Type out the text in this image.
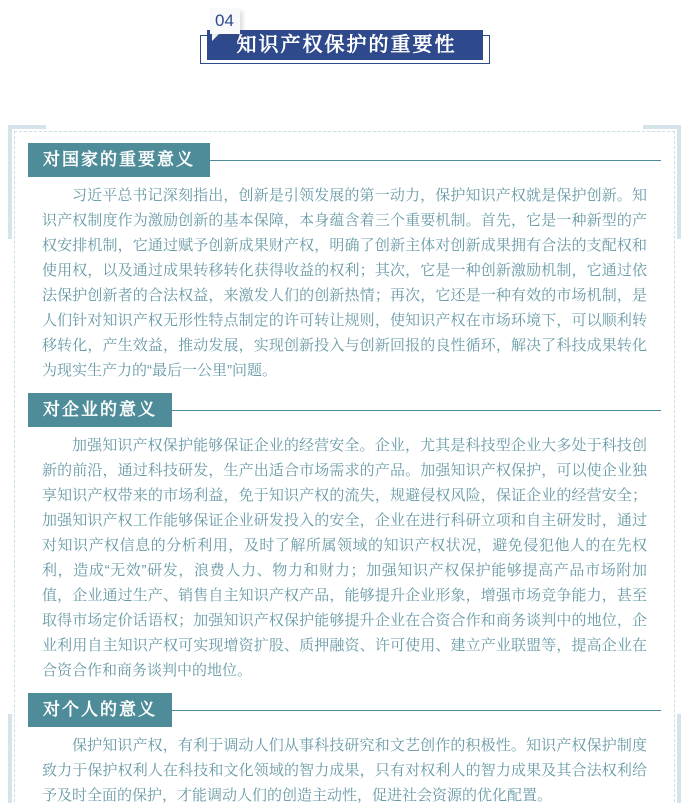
04
知识产权保护的重要性
对国家的重要意义

习近平总书记深刻指出，创新是引领发展的第一动力，保护知识产权就是保护创新。知识产权制度作为激励创新的基本保障，本身蕴含着三个重要机制。首先，它是一种新型的产权安排机制，它通过赋予创新成果财产权，明确了创新主体对创新成果拥有合法的支配权和使用权，以及通过成果转移转化获得收益的权利；其次，它是一种创新激励机制，它通过依法保护创新者的合法权益，来激发人们的创新热情；再次，它还是一种有效的市场机制，是人们针对知识产权无形性特点制定的许可转让规则，使知识产权在市场环境下，可以顺利转移转化，产生效益，推动发展，实现创新投入与创新回报的良性循环，解决了科技成果转化为现实生产力的“最后一公里”问题。

对企业的意义

加强知识产权保护能够保证企业的经营安全。企业，尤其是科技型企业大多处于科技创新的前沿，通过科技研发，生产出适合市场需求的产品。加强知识产权保护，可以使企业独享知识产权带来的市场利益，免于知识产权的流失，规避侵权风险，保证企业的经营安全；加强知识产权工作能够保证企业研发投入的安全，企业在进行科研立项和自主研发时，通过对知识产权信息的分析利用，及时了解所属领域的知识产权状况，避免侵犯他人的在先权利，造成“无效”研发，浪费人力、物力和财力；加强知识产权保护能够提高产品市场附加值，企业通过生产、销售自主知识产权产品，能够提升企业形象，增强市场竞争能力，甚至取得市场定价话语权；加强知识产权保护能够提升企业在合资合作和商务谈判中的地位，企业利用自主知识产权可实现增资扩股、质押融资、许可使用、建立产业联盟等，提高企业在合资合作和商务谈判中的地位。

对个人的意义

保护知识产权，有利于调动人们从事科技研究和文艺创作的积极性。知识产权保护制度致力于保护权利人在科技和文化领域的智力成果，只有对权利人的智力成果及其合法权利给予及时全面的保护，才能调动人们的创造主动性，促进社会资源的优化配置。
